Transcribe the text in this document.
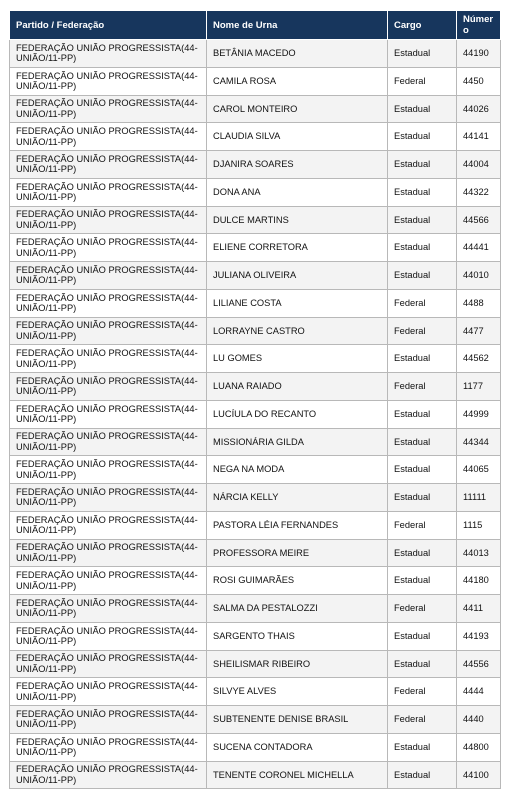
Partido / Federação	Nome de Urna	Cargo	Númer o
FEDERAÇÃO UNIÃO PROGRESSISTA(44-UNIÃO/11-PP)	BETÂNIA MACEDO	Estadual	44190
FEDERAÇÃO UNIÃO PROGRESSISTA(44-UNIÃO/11-PP)	CAMILA ROSA	Federal	4450
FEDERAÇÃO UNIÃO PROGRESSISTA(44-UNIÃO/11-PP)	CAROL MONTEIRO	Estadual	44026
FEDERAÇÃO UNIÃO PROGRESSISTA(44-UNIÃO/11-PP)	CLAUDIA SILVA	Estadual	44141
FEDERAÇÃO UNIÃO PROGRESSISTA(44-UNIÃO/11-PP)	DJANIRA SOARES	Estadual	44004
FEDERAÇÃO UNIÃO PROGRESSISTA(44-UNIÃO/11-PP)	DONA ANA	Estadual	44322
FEDERAÇÃO UNIÃO PROGRESSISTA(44-UNIÃO/11-PP)	DULCE MARTINS	Estadual	44566
FEDERAÇÃO UNIÃO PROGRESSISTA(44-UNIÃO/11-PP)	ELIENE CORRETORA	Estadual	44441
FEDERAÇÃO UNIÃO PROGRESSISTA(44-UNIÃO/11-PP)	JULIANA OLIVEIRA	Estadual	44010
FEDERAÇÃO UNIÃO PROGRESSISTA(44-UNIÃO/11-PP)	LILIANE COSTA	Federal	4488
FEDERAÇÃO UNIÃO PROGRESSISTA(44-UNIÃO/11-PP)	LORRAYNE CASTRO	Federal	4477
FEDERAÇÃO UNIÃO PROGRESSISTA(44-UNIÃO/11-PP)	LU GOMES	Estadual	44562
FEDERAÇÃO UNIÃO PROGRESSISTA(44-UNIÃO/11-PP)	LUANA RAIADO	Federal	1177
FEDERAÇÃO UNIÃO PROGRESSISTA(44-UNIÃO/11-PP)	LUCÍULA DO RECANTO	Estadual	44999
FEDERAÇÃO UNIÃO PROGRESSISTA(44-UNIÃO/11-PP)	MISSIONÁRIA GILDA	Estadual	44344
FEDERAÇÃO UNIÃO PROGRESSISTA(44-UNIÃO/11-PP)	NEGA NA MODA	Estadual	44065
FEDERAÇÃO UNIÃO PROGRESSISTA(44-UNIÃO/11-PP)	NÁRCIA KELLY	Estadual	11111
FEDERAÇÃO UNIÃO PROGRESSISTA(44-UNIÃO/11-PP)	PASTORA LÉIA FERNANDES	Federal	1115
FEDERAÇÃO UNIÃO PROGRESSISTA(44-UNIÃO/11-PP)	PROFESSORA MEIRE	Estadual	44013
FEDERAÇÃO UNIÃO PROGRESSISTA(44-UNIÃO/11-PP)	ROSI GUIMARÃES	Estadual	44180
FEDERAÇÃO UNIÃO PROGRESSISTA(44-UNIÃO/11-PP)	SALMA DA PESTALOZZI	Federal	4411
FEDERAÇÃO UNIÃO PROGRESSISTA(44-UNIÃO/11-PP)	SARGENTO THAIS	Estadual	44193
FEDERAÇÃO UNIÃO PROGRESSISTA(44-UNIÃO/11-PP)	SHEILISMAR RIBEIRO	Estadual	44556
FEDERAÇÃO UNIÃO PROGRESSISTA(44-UNIÃO/11-PP)	SILVYE ALVES	Federal	4444
FEDERAÇÃO UNIÃO PROGRESSISTA(44-UNIÃO/11-PP)	SUBTENENTE DENISE BRASIL	Federal	4440
FEDERAÇÃO UNIÃO PROGRESSISTA(44-UNIÃO/11-PP)	SUCENA CONTADORA	Estadual	44800
FEDERAÇÃO UNIÃO PROGRESSISTA(44-UNIÃO/11-PP)	TENENTE CORONEL MICHELLA	Estadual	44100
